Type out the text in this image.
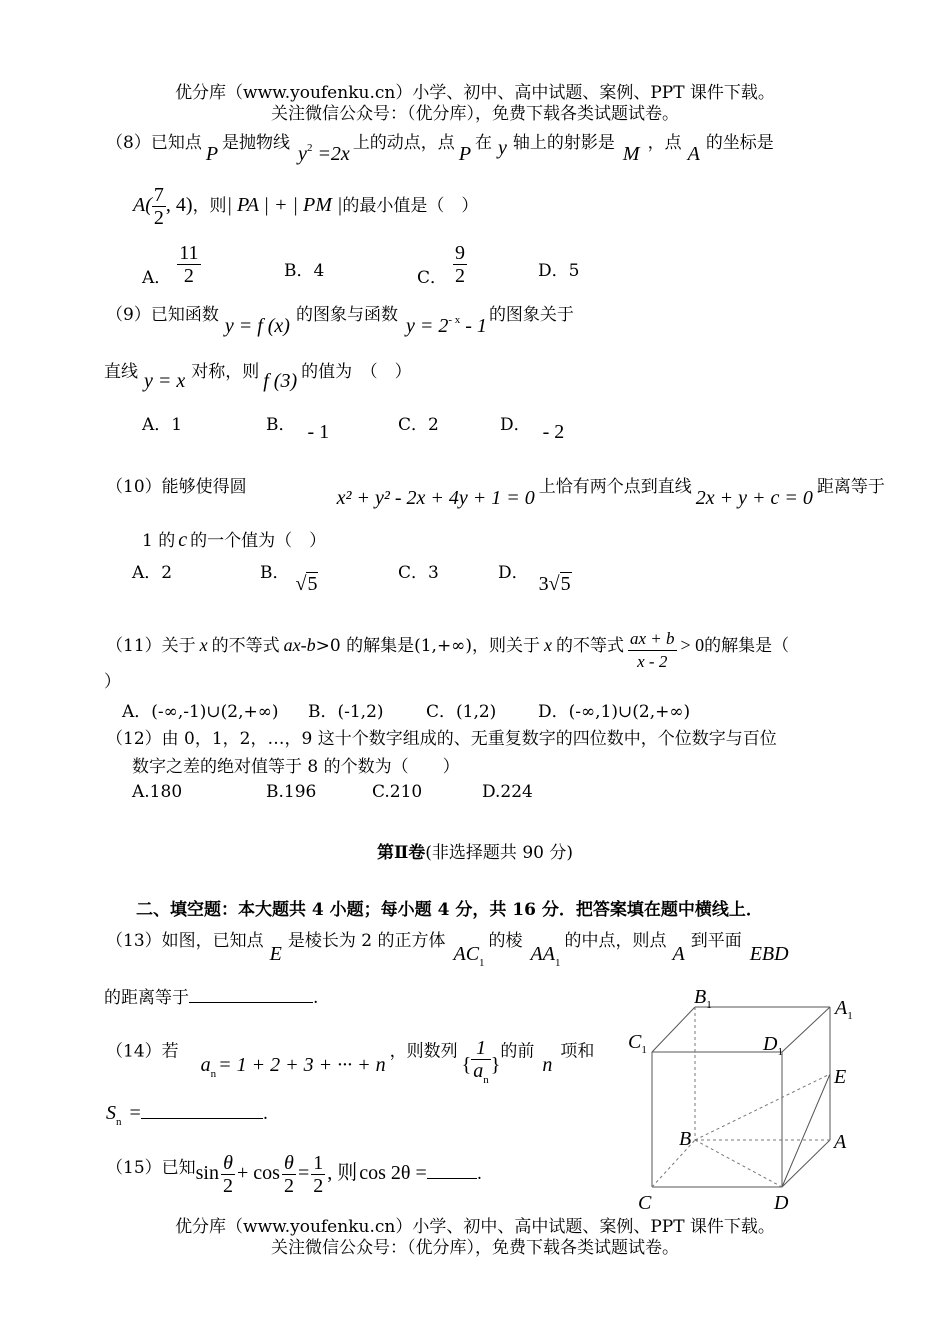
优分库（www.youfenku.cn）小学、初中、高中试题、案例、PPT 课件下载。
关注微信公众号：（优分库），免费下载各类试题试卷。
（8）已知点 P 是抛物线 $y^2 =2x$ 上的动点，点 P 在 y 轴上的射影是 M ，点 A 的坐标是
$A( \frac{7}{2}$ , 4)，则| PA | + | PM |的最小值是（　）
A． $\frac{11}{2}$	B．4	C． $\frac{9}{2}$	D．5
（9）已知函数 y = f (x) 的图象与函数 $y = 2^{- x} - 1$ 的图象关于
直线 y = x 对称，则 f (3) 的值为　（　）
A．1	B． - 1	C．2	D． - 2
（10）能够使得圆	x² + y² - 2x + 4y + 1 = 0 上恰有两个点到直线 2x + y + c = 0 距离等于
1 的 c 的一个值为（　）
A．2	B． √5	C．3	D． 3√5
（11）关于 x 的不等式 ax-b>0 的解集是(1,+∞)，则关于 x 的不等式 $\frac{ax + b}{x - 2} > 0$的解集是（
）
A．(-∞,-1)∪(2,+∞) B．(-1,2) C．(1,2) D．(-∞,1)∪(2,+∞)
（12）由 0，1，2，…，9 这十个数字组成的、无重复数字的四位数中，个位数字与百位
数字之差的绝对值等于 8 的个数为（　　）
A.180	B.196	C.210	D.224
第Ⅱ卷(非选择题共 90 分)
二、填空题：本大题共 4 小题；每小题 4 分，共 16 分．把答案填在题中横线上．
（13）如图，已知点E是棱长为 2 的正方体$AC_1$的棱$AA_1$的中点，则点A到平面EBD
的距离等于	.
（14）若$a_n = 1 + 2 + 3$ + ··· + n，则数列{ $\frac{1}{a_n}$ }的前n项和
$S_n$ =	.
（15）已知$\sin \frac{\theta}{2} + \cos \frac{\theta}{2} = \frac{1}{2}$ , 则 cos 2θ =	.
$B_1$	$A_1$
$C_1$	$D_1$
E
B	A
C	D
优分库（www.youfenku.cn）小学、初中、高中试题、案例、PPT 课件下载。
关注微信公众号：（优分库），免费下载各类试题试卷。
